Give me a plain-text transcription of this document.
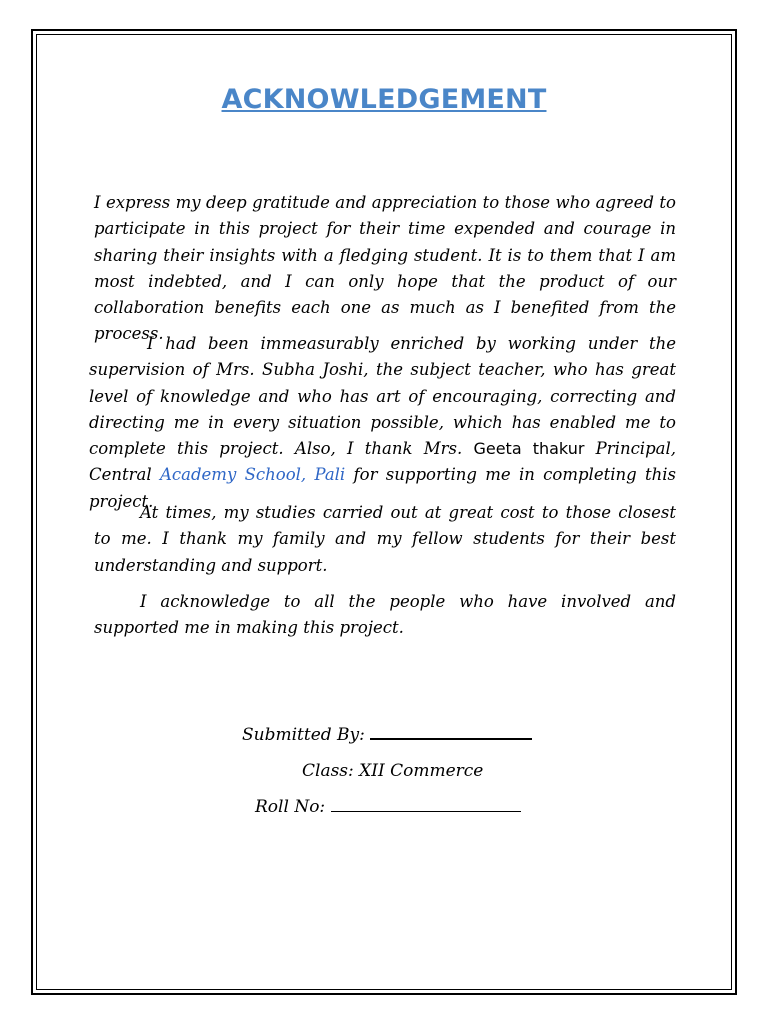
ACKNOWLEDGEMENT
I express my deep gratitude and appreciation to those who agreed to participate in this project for their time expended and courage in sharing their insights with a fledging student. It is to them that I am most indebted, and I can only hope that the product of our collaboration benefits each one as much as I benefited from the process.
I had been immeasurably enriched by working under the supervision of Mrs. Subha Joshi, the subject teacher, who has great level of knowledge and who has art of encouraging, correcting and directing me in every situation possible, which has enabled me to complete this project. Also, I thank Mrs. Geeta thakur Principal, Central Academy School, Pali for supporting me in completing this project.
At times, my studies carried out at great cost to those closest to me. I thank my family and my fellow students for their best understanding and support.
I acknowledge to all the people who have involved and supported me in making this project.
Submitted By:
Class: XII Commerce
Roll No:
